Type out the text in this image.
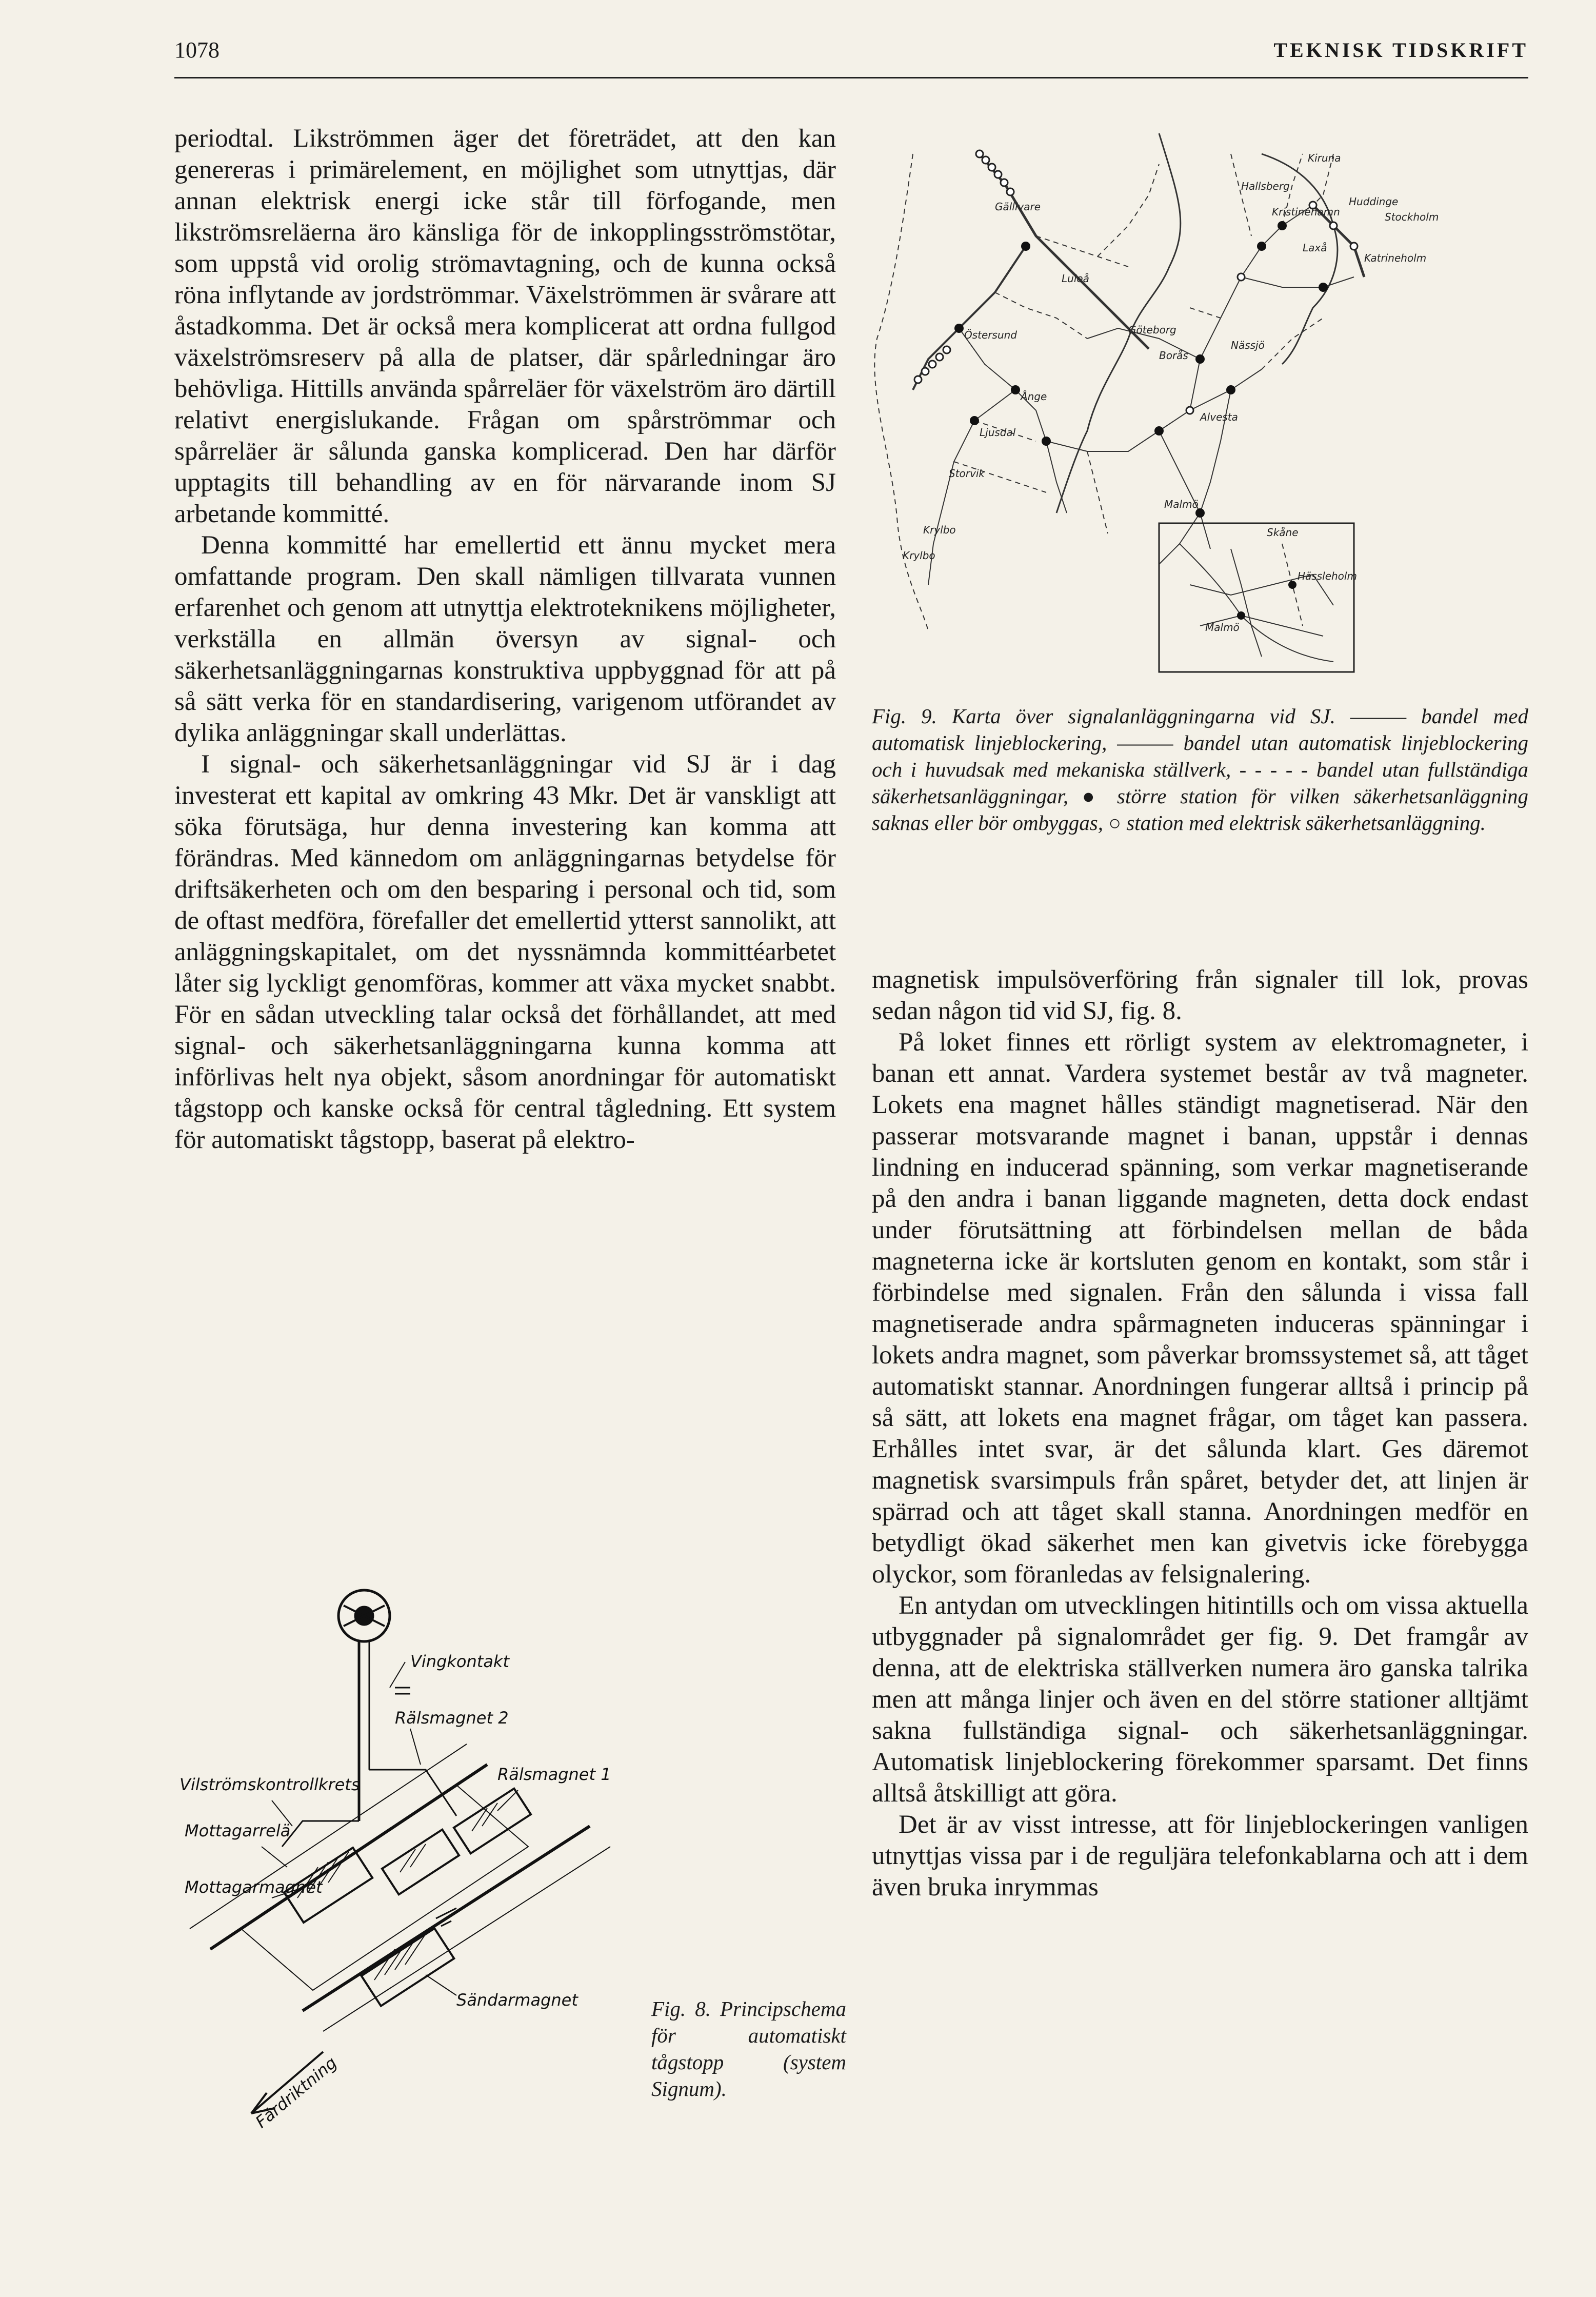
1078	TEKNISK TIDSKRIFT

periodtal. Likströmmen äger det företrädet, att den kan genereras i primärelement, en möjlighet som utnyttjas, där annan elektrisk energi icke står till förfogande, men likströmsreläerna äro känsliga för de inkopplingsströmstötar, som uppstå vid orolig strömavtagning, och de kunna också röna inflytande av jordströmmar. Växelströmmen är svårare att åstadkomma. Det är också mera komplicerat att ordna fullgod växelströmsreserv på alla de platser, där spårledningar äro behövliga. Hittills använda spårreläer för växelström äro därtill relativt energislukande. Frågan om spårströmmar och spårreläer är sålunda ganska komplicerad. Den har därför upptagits till behandling av en för närvarande inom SJ arbetande kommitté.

Denna kommitté har emellertid ett ännu mycket mera omfattande program. Den skall nämligen tillvarata vunnen erfarenhet och genom att utnyttja elektroteknikens möjligheter, verkställa en allmän översyn av signal- och säkerhetsanläggningarnas konstruktiva uppbyggnad för att på så sätt verka för en standardisering, varigenom utförandet av dylika anläggningar skall underlättas.

I signal- och säkerhetsanläggningar vid SJ är i dag investerat ett kapital av omkring 43 Mkr. Det är vanskligt att söka förutsäga, hur denna investering kan komma att förändras. Med kännedom om anläggningarnas betydelse för driftsäkerheten och om den besparing i personal och tid, som de oftast medföra, förefaller det emellertid ytterst sannolikt, att anläggningskapitalet, om det nyssnämnda kommittéarbetet låter sig lyckligt genomföras, kommer att växa mycket snabbt. För en sådan utveckling talar också det förhållandet, att med signal- och säkerhetsanläggningarna kunna komma att införlivas helt nya objekt, såsom anordningar för automatiskt tågstopp och kanske också för central tågledning. Ett system för automatiskt tågstopp, baserat på elektro-

magnetisk impulsöverföring från signaler till lok, provas sedan någon tid vid SJ, fig. 8.

På loket finnes ett rörligt system av elektromagneter, i banan ett annat. Vardera systemet består av två magneter. Lokets ena magnet hålles ständigt magnetiserad. När den passerar motsvarande magnet i banan, uppstår i dennas lindning en inducerad spänning, som verkar magnetiserande på den andra i banan liggande magneten, detta dock endast under förutsättning att förbindelsen mellan de båda magneterna icke är kortsluten genom en kontakt, som står i förbindelse med signalen. Från den sålunda i vissa fall magnetiserade andra spårmagneten induceras spänningar i lokets andra magnet, som påverkar bromssystemet så, att tåget automatiskt stannar. Anordningen fungerar alltså i princip på så sätt, att lokets ena magnet frågar, om tåget kan passera. Erhålles intet svar, är det sålunda klart. Ges däremot magnetisk svarsimpuls från spåret, betyder det, att linjen är spärrad och att tåget skall stanna. Anordningen medför en betydligt ökad säkerhet men kan givetvis icke förebygga olyckor, som föranledas av felsignalering.

En antydan om utvecklingen hitintills och om vissa aktuella utbyggnader på signalområdet ger fig. 9. Det framgår av denna, att de elektriska ställverken numera äro ganska talrika men att många linjer och även en del större stationer alltjämt sakna fullständiga signal- och säkerhetsanläggningar. Automatisk linjeblockering förekommer sparsamt. Det finns alltså åtskilligt att göra.

Det är av visst intresse, att för linjeblockeringen vanligen utnyttjas vissa par i de reguljära telefonkablarna och att i dem även bruka inrymmas

Kiruna
Gällivare
Luleå
Östersund
Ånge
Ljusdal
Storvik
Krylbo
Kristinehamn
Hallsberg
Huddinge
Stockholm
Laxå
Katrineholm
Göteborg
Nässjö
Alvesta
Malmö
Krylbo
Borås
Skåne
Hässleholm
Malmö
Fig. 9. Karta över signalanläggningarna vid SJ. ——— bandel med automatisk linjeblockering, ——— bandel utan automatisk linjeblockering och i huvudsak med mekaniska ställverk, - - - - - bandel utan fullständiga säkerhetsanläggningar, ● större station för vilken säkerhetsanläggning saknas eller bör ombyggas, ○ station med elektrisk säkerhetsanläggning.
Vingkontakt
Rälsmagnet 2
Vilströmskontrollkrets
Mottagarrelä
Rälsmagnet 1
Mottagarmagnet
Sändarmagnet
Färdriktning
Fig. 8. Principschema för automatiskt tågstopp (system Signum).
